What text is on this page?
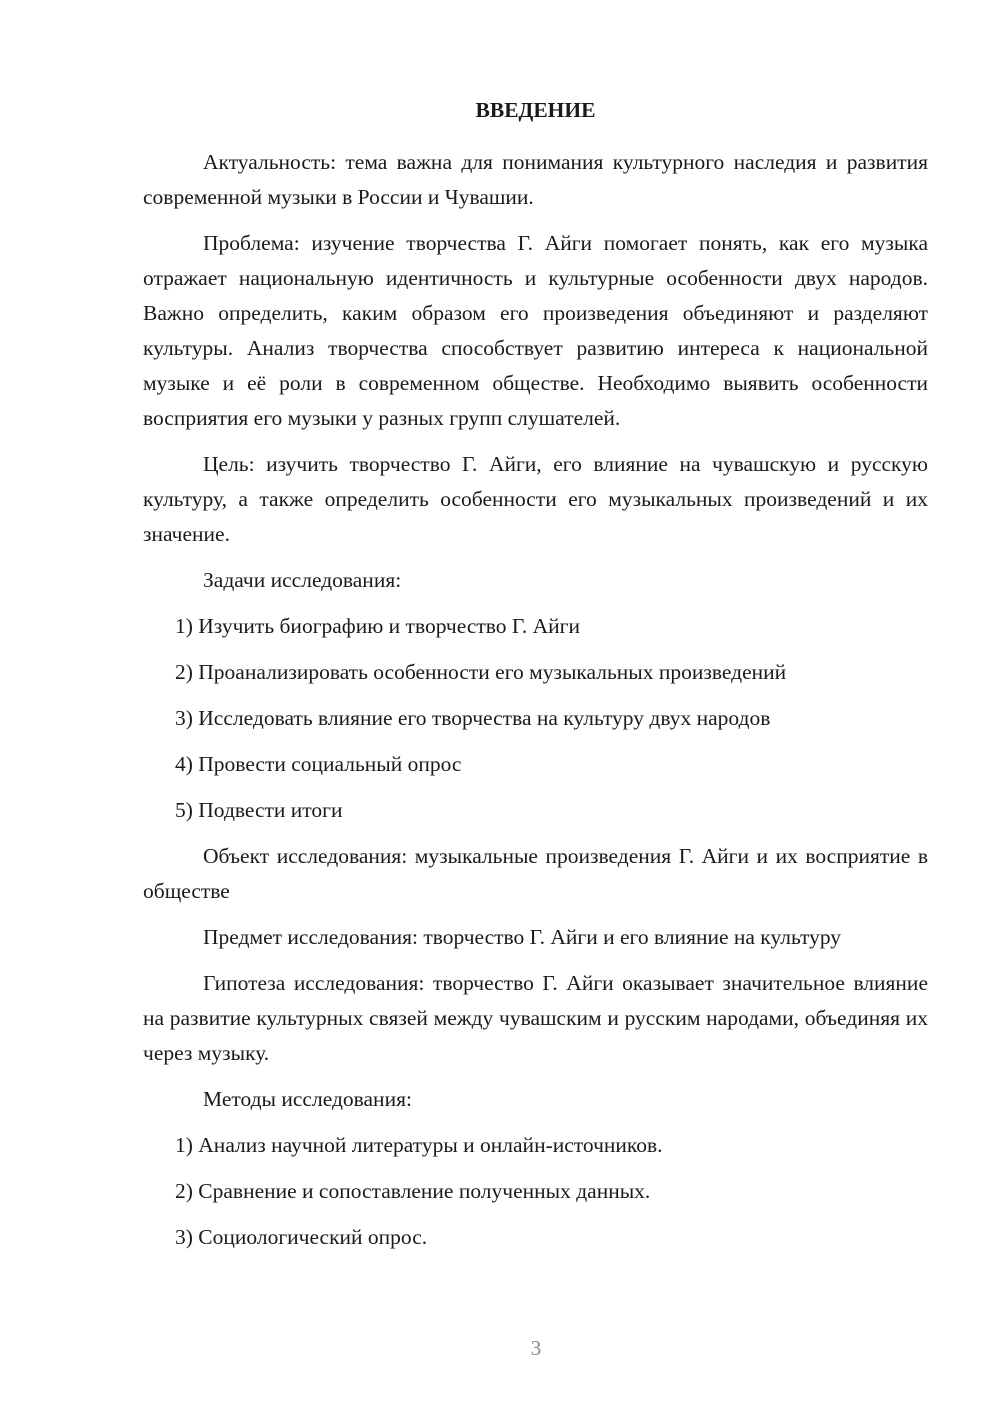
ВВЕДЕНИЕ

Актуальность: тема важна для понимания культурного наследия и развития современной музыки в России и Чувашии.

Проблема: изучение творчества Г. Айги помогает понять, как его музыка отражает национальную идентичность и культурные особенности двух народов. Важно определить, каким образом его произведения объединяют и разделяют культуры. Анализ творчества способствует развитию интереса к национальной музыке и её роли в современном обществе. Необходимо выявить особенности восприятия его музыки у разных групп слушателей.

Цель: изучить творчество Г. Айги, его влияние на чувашскую и русскую культуру, а также определить особенности его музыкальных произведений и их значение.

Задачи исследования:

1) Изучить биографию и творчество Г. Айги

2) Проанализировать особенности его музыкальных произведений

3) Исследовать влияние его творчества на культуру двух народов

4) Провести социальный опрос

5) Подвести итоги

Объект исследования: музыкальные произведения Г. Айги и их восприятие в обществе

Предмет исследования: творчество Г. Айги и его влияние на культуру

Гипотеза исследования: творчество Г. Айги оказывает значительное влияние на развитие культурных связей между чувашским и русским народами, объединяя их через музыку.

Методы исследования:

1) Анализ научной литературы и онлайн-источников.

2) Сравнение и сопоставление полученных данных.

3) Социологический опрос.

3
